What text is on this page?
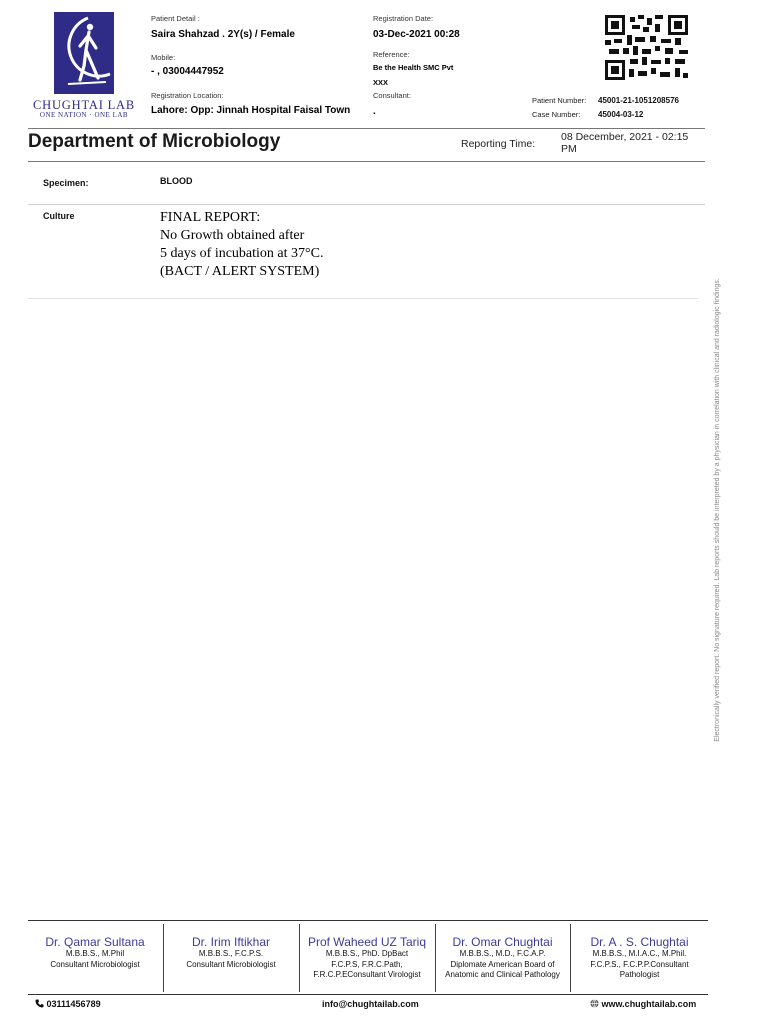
CHUGHTAI LAB
ONE NATION · ONE LAB
Patient Detail :
Saira Shahzad . 2Y(s) / Female
Mobile:
- , 03004447952
Registration Location:
Lahore: Opp: Jinnah Hospital Faisal Town
Registration Date:
03-Dec-2021 00:28
Reference:
Be the Health SMC Pvt
XXX
Consultant:
.
Patient Number: 45001-21-1051208576
Case Number: 45004-03-12
Department of Microbiology	Reporting Time:
08 December, 2021 - 02:15 PM
Specimen:	BLOOD
Culture	FINAL REPORT:
No Growth obtained after
5 days of incubation at 37°C.
(BACT / ALERT SYSTEM)
Electronically verified report. No signature required. Lab reports should be interpreted by a physician in correlation with clinical and radiologic findings.
Dr. Qamar Sultana
M.B.B.S., M.Phil
Consultant Microbiologist
Dr. Irim Iftikhar
M.B.B.S., F.C.P.S.
Consultant Microbiologist
Prof Waheed UZ Tariq
M.B.B.S., PhD. DpBact
F.C.P.S, F.R.C.Path,
F.R.C.P.EConsultant Virologist
Dr. Omar Chughtai
M.B.B.S., M.D., F.C.A.P.
Diplomate American Board of
Anatomic and Clinical Pathology
Dr. A . S. Chughtai
M.B.B.S., M.I.A.C., M.Phil.
F.C.P.S., F.C.P.P.Consultant
Pathologist
03111456789	info@chughtailab.com	www.chughtailab.com
